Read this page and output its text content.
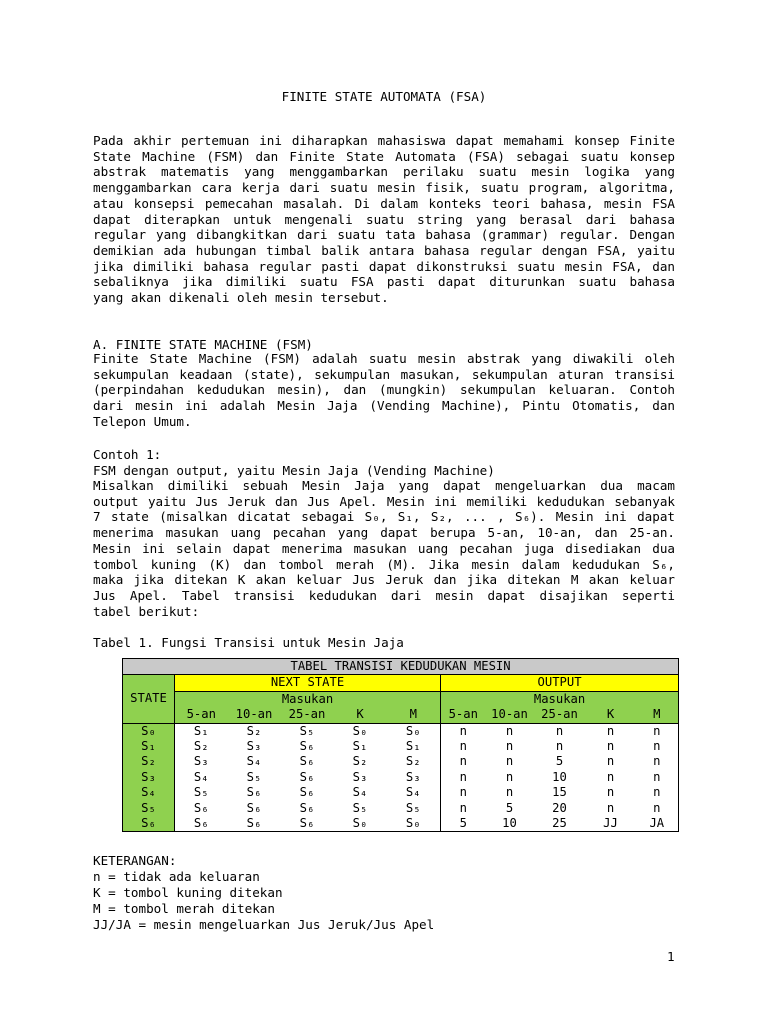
FINITE STATE AUTOMATA (FSA)
Pada akhir pertemuan ini diharapkan mahasiswa dapat memahami konsep Finite
State Machine (FSM) dan Finite State Automata (FSA) sebagai suatu konsep
abstrak matematis yang menggambarkan perilaku suatu mesin logika yang
menggambarkan cara kerja dari suatu mesin fisik, suatu program, algoritma,
atau konsepsi pemecahan masalah. Di dalam konteks teori bahasa, mesin FSA
dapat diterapkan untuk mengenali suatu string yang berasal dari bahasa
regular yang dibangkitkan dari suatu tata bahasa (grammar) regular. Dengan
demikian ada hubungan timbal balik antara bahasa regular dengan FSA, yaitu
jika dimiliki bahasa regular pasti dapat dikonstruksi suatu mesin FSA, dan
sebaliknya jika dimiliki suatu FSA pasti dapat diturunkan suatu bahasa
yang akan dikenali oleh mesin tersebut.
A. FINITE STATE MACHINE (FSM)
Finite State Machine (FSM) adalah suatu mesin abstrak yang diwakili oleh
sekumpulan keadaan (state), sekumpulan masukan, sekumpulan aturan transisi
(perpindahan kedudukan mesin), dan (mungkin) sekumpulan keluaran. Contoh
dari mesin ini adalah Mesin Jaja (Vending Machine), Pintu Otomatis, dan
Telepon Umum.
Contoh 1:
FSM dengan output, yaitu Mesin Jaja (Vending Machine)
Misalkan dimiliki sebuah Mesin Jaja yang dapat mengeluarkan dua macam
output yaitu Jus Jeruk dan Jus Apel. Mesin ini memiliki kedudukan sebanyak
7 state (misalkan dicatat sebagai S₀, S₁, S₂, ... , S₆). Mesin ini dapat
menerima masukan uang pecahan yang dapat berupa 5-an, 10-an, dan 25-an.
Mesin ini selain dapat menerima masukan uang pecahan juga disediakan dua
tombol kuning (K) dan tombol merah (M). Jika mesin dalam kedudukan S₆,
maka jika ditekan K akan keluar Jus Jeruk dan jika ditekan M akan keluar
Jus Apel. Tabel transisi kedudukan dari mesin dapat disajikan seperti
tabel berikut:
Tabel 1. Fungsi Transisi untuk Mesin Jaja
KETERANGAN:
n = tidak ada keluaran
K = tombol kuning ditekan
M = tombol merah ditekan
JJ/JA = mesin mengeluarkan Jus Jeruk/Jus Apel
TABEL TRANSISI KEDUDUKAN MESIN										
STATE	NEXT STATE					OUTPUT				
	Masukan					Masukan				
	5-an	10-an	25-an	K	M	5-an	10-an	25-an	K	M
S₀	S₁	S₂	S₅	S₀	S₀	n	n	n	n	n
S₁	S₂	S₃	S₆	S₁	S₁	n	n	n	n	n
S₂	S₃	S₄	S₆	S₂	S₂	n	n	5	n	n
S₃	S₄	S₅	S₆	S₃	S₃	n	n	10	n	n
S₄	S₅	S₆	S₆	S₄	S₄	n	n	15	n	n
S₅	S₆	S₆	S₆	S₅	S₅	n	5	20	n	n
S₆	S₆	S₆	S₆	S₀	S₀	5	10	25	JJ	JA
1
